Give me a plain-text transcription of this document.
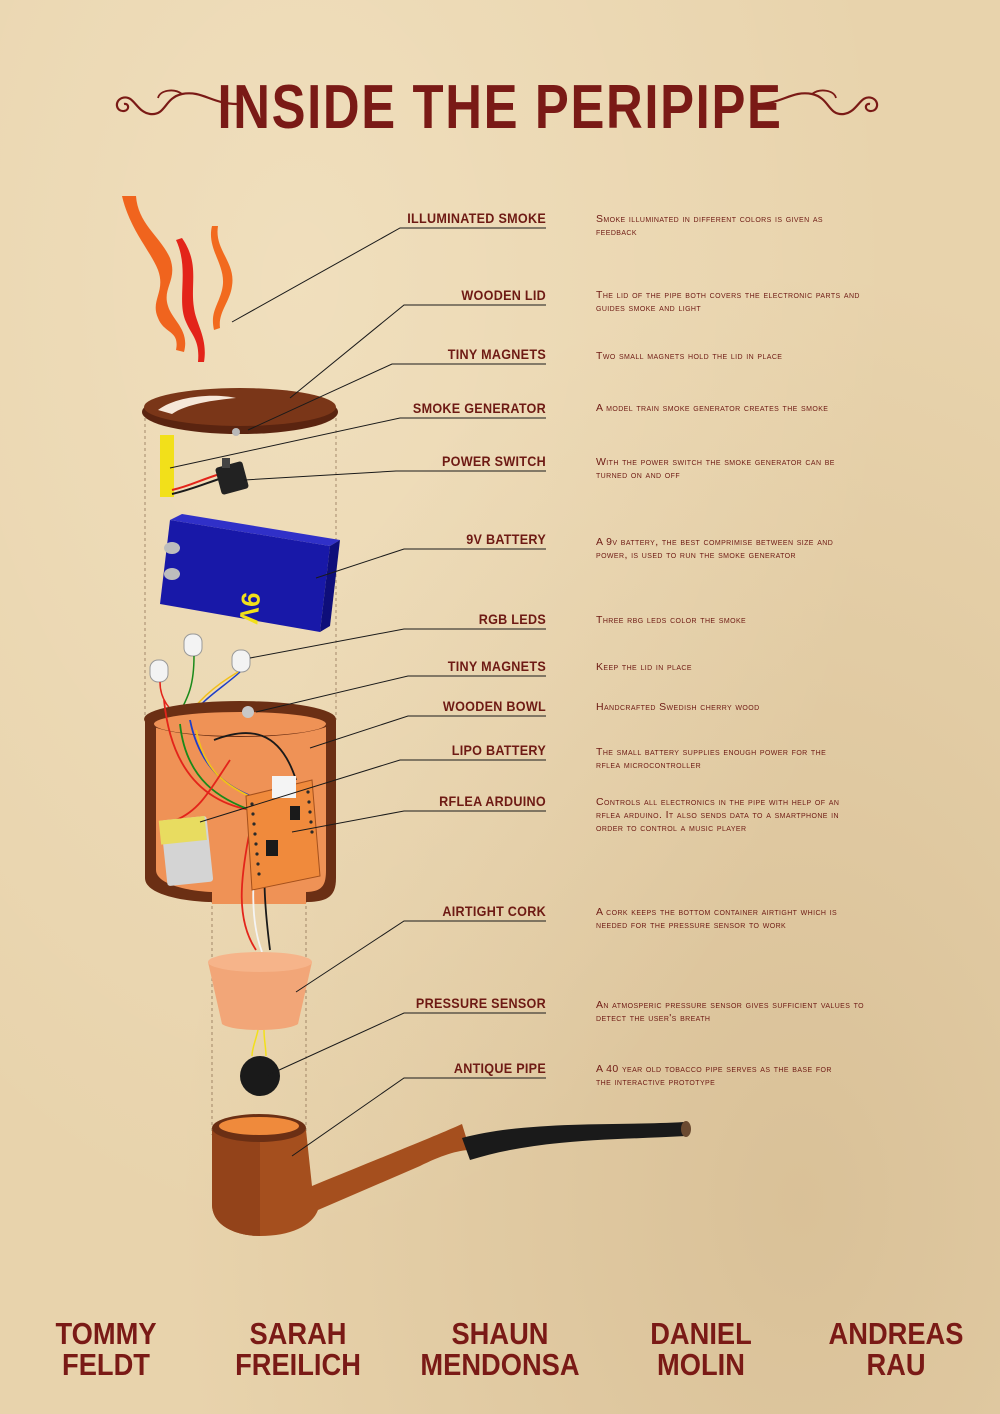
INSIDE THE PERIPIPE
9V
ILLUMINATED SMOKE
WOODEN LID
TINY MAGNETS
SMOKE GENERATOR
POWER SWITCH
9V BATTERY
RGB LEDS
TINY MAGNETS
WOODEN BOWL
LIPO BATTERY
RFLEA ARDUINO
AIRTIGHT CORK
PRESSURE SENSOR
ANTIQUE PIPE
Smoke illuminated in different colors is given as feedback
The lid of the pipe both covers the electronic parts and guides smoke and light
Two small magnets hold the lid in place
A model train smoke generator creates the smoke
With the power switch the smoke generator can be turned on and off
A 9v battery, the best comprimise between size and power, is used to run the smoke generator
Three rbg leds color the smoke
Keep the lid in place
Handcrafted Swedish cherry wood
The small battery supplies enough power for the rflea microcontroller
Controls all electronics in the pipe with help of an rflea arduino. It also sends data to a smartphone in order to control a music player
A cork keeps the bottom container airtight which is needed for the pressure sensor to work
An atmosperic pressure sensor gives sufficient values to detect the user's breath
A 40 year old tobacco pipe serves as the base for the interactive prototype
TOMMY
FELDT
SARAH
FREILICH
SHAUN
MENDONSA
DANIEL
MOLIN
ANDREAS
RAU
